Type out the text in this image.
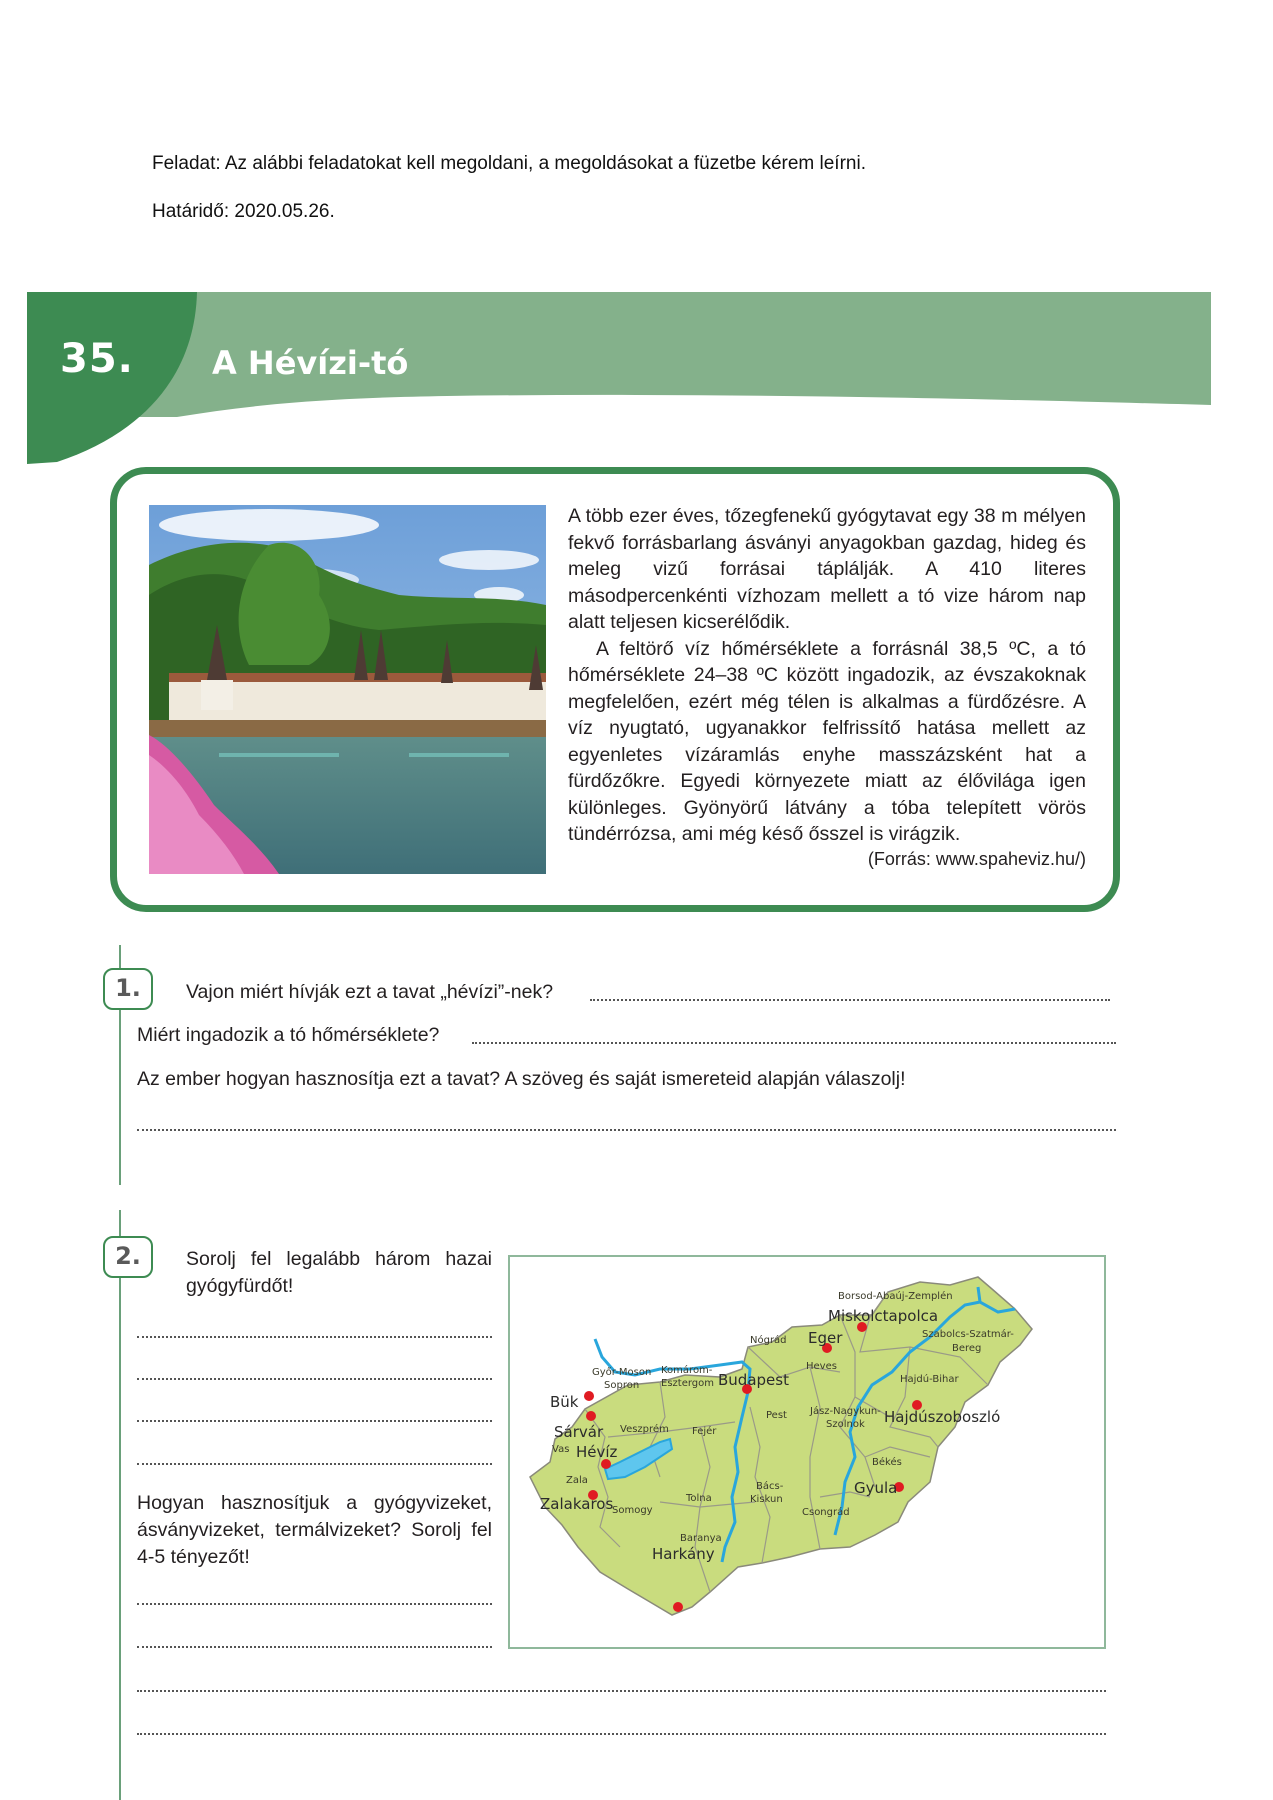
Feladat: Az alábbi feladatokat kell megoldani, a megoldásokat a füzetbe kérem leírni.
Határidő: 2020.05.26.
35. A Hévízi-tó

A több ezer éves, tőzegfenekű gyógytavat egy 38 m mélyen fekvő forrásbarlang ásványi anyagokban gazdag, hideg és meleg vizű forrásai táplálják. A 410 literes másodpercenkénti vízhozam mellett a tó vize három nap alatt teljesen kicserélődik.

A feltörő víz hőmérséklete a forrásnál 38,5 ºC, a tó hőmérséklete 24–38 ºC között ingadozik, az évszakoknak megfelelően, ezért még télen is alkalmas a fürdőzésre. A víz nyugtató, ugyanakkor felfrissítő hatása mellett az egyenletes vízáramlás enyhe masszázsként hat a fürdőzőkre. Egyedi környezete miatt az élővilága igen különleges. Gyönyörű látvány a tóba telepített vörös tündérrózsa, ami még késő ősszel is virágzik.

(Forrás: www.spaheviz.hu/)
1.	Vajon miért hívják ezt a tavat „hévízi”-nek?
Miért ingadozik a tó hőmérséklete?
Az ember hogyan hasznosítja ezt a tavat? A szöveg és saját ismereteid alapján válaszolj!
2.	Sorolj fel legalább három hazai gyógyfürdőt!
Hogyan hasznosítjuk a gyógyvizeket, ásványvizeket, termálvizeket? Sorolj fel 4-5 tényezőt!
Borsod-Abaúj-Zemplén
Szabolcs-Szatmár-
Bereg
Nógrád
Heves
Hajdú-Bihar
Győr-Moson
Sopron
Komárom-
Esztergom
Pest Jász-Nagykun-
Szolnok
Veszprém Fejér
Vas
Zala
Somogy
Tolna
Bács-
Kiskun
Békés
Baranya
Csongrád
Miskolctapolca
Eger
Budapest
Hajdúszoboszló
Bük
Sárvár
Hévíz
Zalakaros
Gyula
Harkány
